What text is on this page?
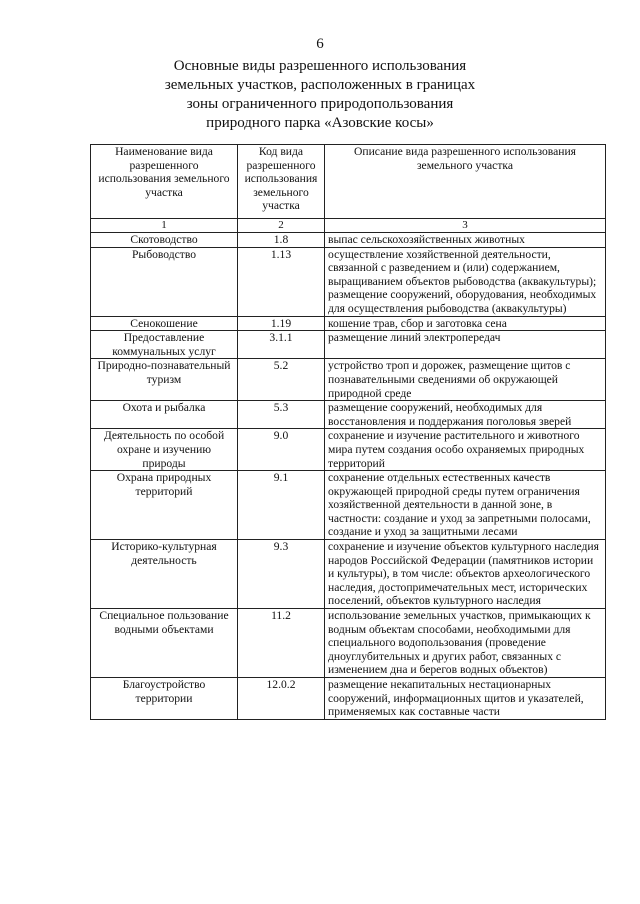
6
Основные виды разрешенного использования
земельных участков, расположенных в границах
зоны ограниченного природопользования
природного парка «Азовские косы»
Наименование вида разрешенного использования земельного участка	Код вида разрешенного использования земельного участка	Описание вида разрешенного использования земельного участка
1	2	3
Скотоводство	1.8	выпас сельскохозяйственных животных
Рыбоводство	1.13	осуществление хозяйственной деятельности, связанной с разведением и (или) содержанием, выращиванием объектов рыбоводства (аквакультуры); размещение сооружений, оборудования, необходимых для осуществления рыбоводства (аквакультуры)
Сенокошение	1.19	кошение трав, сбор и заготовка сена
Предоставление коммунальных услуг	3.1.1	размещение линий электропередач
Природно-познавательный туризм	5.2	устройство троп и дорожек, размещение щитов с познавательными сведениями об окружающей природной среде
Охота и рыбалка	5.3	размещение сооружений, необходимых для восстановления и поддержания поголовья зверей
Деятельность по особой охране и изучению природы	9.0	сохранение и изучение растительного и животного мира путем создания особо охраняемых природных территорий
Охрана природных территорий	9.1	сохранение отдельных естественных качеств окружающей природной среды путем ограничения хозяйственной деятельности в данной зоне, в частности: создание и уход за запретными полосами, создание и уход за защитными лесами
Историко-культурная деятельность	9.3	сохранение и изучение объектов культурного наследия народов Российской Федерации (памятников истории и культуры), в том числе: объектов археологического наследия, достопримечательных мест, исторических поселений, объектов культурного наследия
Специальное пользование водными объектами	11.2	использование земельных участков, примыкающих к водным объектам способами, необходимыми для специального водопользования (проведение дноуглубительных и других работ, связанных с изменением дна и берегов водных объектов)
Благоустройство территории	12.0.2	размещение некапитальных нестационарных сооружений, информационных щитов и указателей, применяемых как составные части
